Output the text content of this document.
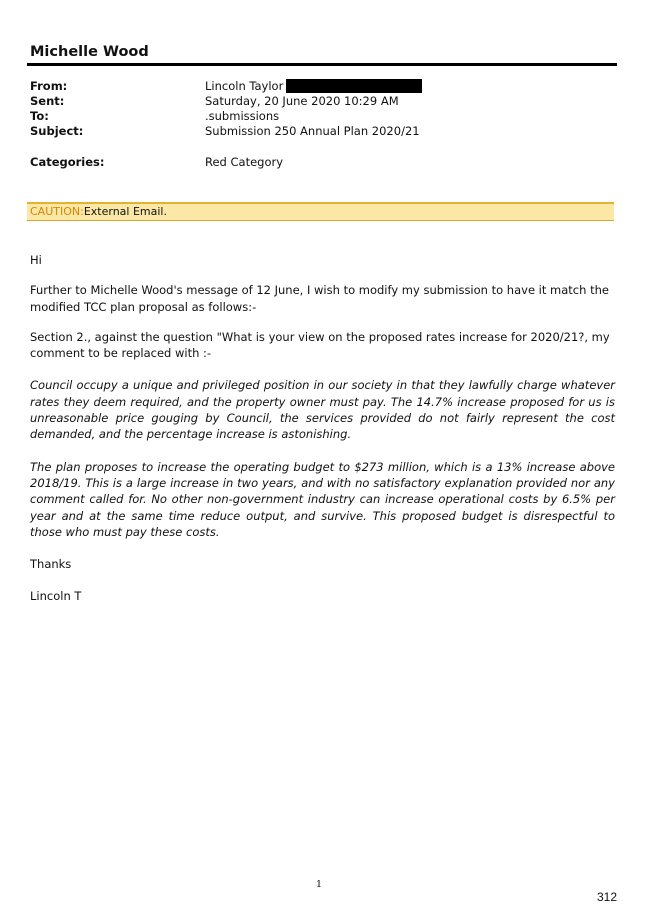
Michelle Wood
From:	Lincoln Taylor
Sent:	Saturday, 20 June 2020 10:29 AM
To:	.submissions
Subject:	Submission 250 Annual Plan 2020/21
Categories:	Red Category
CAUTION:External Email.

Hi

Further to Michelle Wood's message of 12 June, I wish to modify my submission to have it match the modified TCC plan proposal as follows:-

Section 2., against the question "What is your view on the proposed rates increase for 2020/21?, my comment to be replaced with :-

Council occupy a unique and privileged position in our society in that they lawfully charge whatever rates they deem required, and the property owner must pay. The 14.7% increase proposed for us is unreasonable price gouging by Council, the services provided do not fairly represent the cost demanded, and the percentage increase is astonishing.

The plan proposes to increase the operating budget to $273 million, which is a 13% increase above 2018/19. This is a large increase in two years, and with no satisfactory explanation provided nor any comment called for. No other non-government industry can increase operational costs by 6.5% per year and at the same time reduce output, and survive. This proposed budget is disrespectful to those who must pay these costs.

Thanks

Lincoln T

1
312
